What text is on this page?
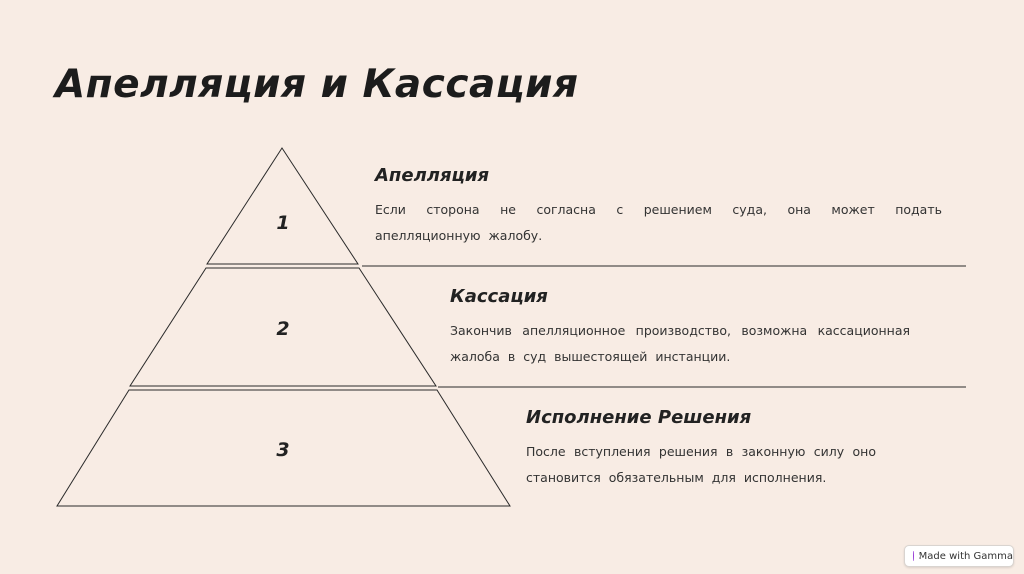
Апелляция и Кассация
1
2
3
Апелляция

Если сторона не согласна с решением суда, она может подать апелляционную жалобу.

Кассация

Закончив апелляционное производство, возможна кассационная жалоба в суд вышестоящей инстанции.

Исполнение Решения

После вступления решения в законную силу оно становится обязательным для исполнения.

Made with Gamma
